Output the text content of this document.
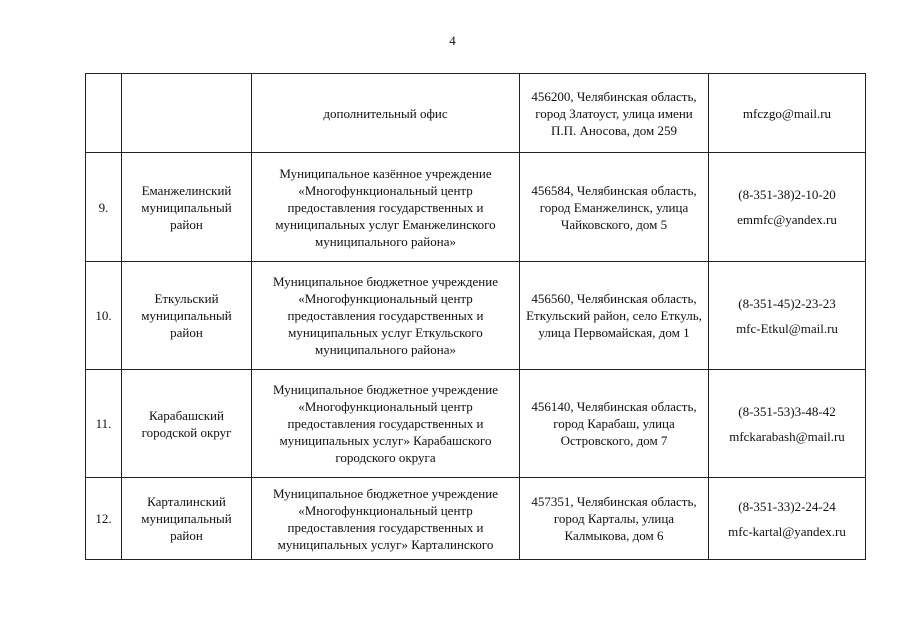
4
		дополнительный офис	456200, Челябинская область, город Златоуст, улица имени П.П. Аносова, дом 259	mfczgo@mail.ru

9.	Еманжелинский муниципальный район	Муниципальное казённое учреждение «Многофункциональный центр предоставления государственных и муниципальных услуг Еманжелинского муниципального района»	456584, Челябинская область, город Еманжелинск, улица Чайковского, дом 5	(8-351-38)2-10-20
emmfc@yandex.ru

10.	Еткульский муниципальный район	Муниципальное бюджетное учреждение «Многофункциональный центр предоставления государственных и муниципальных услуг Еткульского муниципального района»	456560, Челябинская область, Еткульский район, село Еткуль, улица Первомайская, дом 1	(8-351-45)2-23-23
mfc-Etkul@mail.ru

11.	Карабашский городской округ	Муниципальное бюджетное учреждение «Многофункциональный центр предоставления государственных и муниципальных услуг» Карабашского городского округа	456140, Челябинская область, город Карабаш, улица Островского, дом 7	(8-351-53)3-48-42
mfckarabash@mail.ru

12.	Карталинский муниципальный район	Муниципальное бюджетное учреждение «Многофункциональный центр предоставления государственных и муниципальных услуг» Карталинского	457351, Челябинская область, город Карталы, улица Калмыкова, дом 6	(8-351-33)2-24-24
mfc-kartal@yandex.ru
